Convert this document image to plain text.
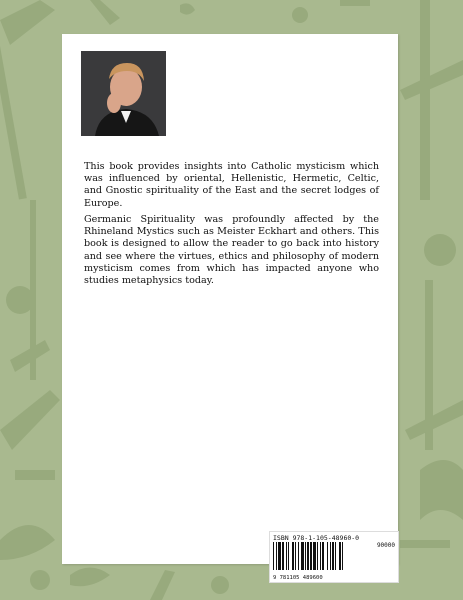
This book provides insights into Catholic mysticism which was influenced by oriental, Hellenistic, Hermetic, Celtic, and Gnostic spirituality of the East and the secret lodges of Europe.

Germanic Spirituality was profoundly affected by the Rhineland Mystics such as Meister Eckhart and others. This book is designed to allow the reader to go back into history and see where the virtues, ethics and philosophy of modern mysticism comes from which has impacted anyone who studies metaphysics today.

ISBN 978-1-105-48960-0
90000
9 781105 489600
